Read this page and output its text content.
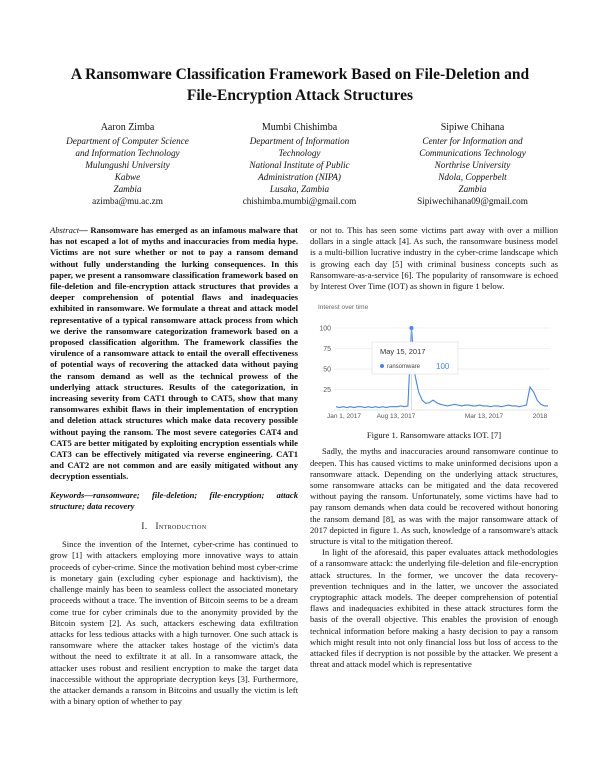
A Ransomware Classification Framework Based on File-Deletion and
File-Encryption Attack Structures
Aaron Zimba
Department of Computer Science
and Information Technology
Mulungushi University
Kabwe
Zambia
azimba@mu.ac.zm
Mumbi Chishimba
Department of Information
Technology
National Institute of Public
Administration (NIPA)
Lusaka, Zambia
chishimba.mumbi@gmail.com
Sipiwe Chihana
Center for Information and
Communications Technology
Northrise University
Ndola, Copperbelt
Zambia
Sipiwechihana09@gmail.com

Abstract— Ransomware has emerged as an infamous malware that has not escaped a lot of myths and inaccuracies from media hype. Victims are not sure whether or not to pay a ransom demand without fully understanding the lurking consequences. In this paper, we present a ransomware classification framework based on file-deletion and file-encryption attack structures that provides a deeper comprehension of potential flaws and inadequacies exhibited in ransomware. We formulate a threat and attack model representative of a typical ransomware attack process from which we derive the ransomware categorization framework based on a proposed classification algorithm. The framework classifies the virulence of a ransomware attack to entail the overall effectiveness of potential ways of recovering the attacked data without paying the ransom demand as well as the technical prowess of the underlying attack structures. Results of the categorization, in increasing severity from CAT1 through to CAT5, show that many ransomwares exhibit flaws in their implementation of encryption and deletion attack structures which make data recovery possible without paying the ransom. The most severe categories CAT4 and CAT5 are better mitigated by exploiting encryption essentials while CAT3 can be effectively mitigated via reverse engineering. CAT1 and CAT2 are not common and are easily mitigated without any decryption essentials.

Keywords—ransomware; file-deletion; file-encryption; attack structure; data recovery

I. Introduction

Since the invention of the Internet, cyber-crime has continued to grow [1] with attackers employing more innovative ways to attain proceeds of cyber-crime. Since the motivation behind most cyber-crime is monetary gain (excluding cyber espionage and hacktivism), the challenge mainly has been to seamless collect the associated monetary proceeds without a trace. The invention of Bitcoin seems to be a dream come true for cyber criminals due to the anonymity provided by the Bitcoin system [2]. As such, attackers eschewing data exfiltration attacks for less tedious attacks with a high turnover. One such attack is ransomware where the attacker takes hostage of the victim's data without the need to exfiltrate it at all. In a ransomware attack, the attacker uses robust and resilient encryption to make the target data inaccessible without the appropriate decryption keys [3]. Furthermore, the attacker demands a ransom in Bitcoins and usually the victim is left with a binary option of whether to pay

or not to. This has seen some victims part away with over a million dollars in a single attack [4]. As such, the ransomware business model is a multi-billion lucrative industry in the cyber-crime landscape which is growing each day [5] with criminal business concepts such as Ransomware-as-a-service [6]. The popularity of ransomware is echoed by Interest Over Time (IOT) as shown in figure 1 below.

Interest over time
25
50
75
100
Jan 1, 2017 Aug 13, 2017	Mar 13, 2017	2018
May 15, 2017
ransomware 100

Figure 1. Ransomware attacks IOT. [7]

Sadly, the myths and inaccuracies around ransomware continue to deepen. This has caused victims to make uninformed decisions upon a ransomware attack. Depending on the underlying attack structures, some ransomware attacks can be mitigated and the data recovered without paying the ransom. Unfortunately, some victims have had to pay ransom demands when data could be recovered without honoring the ransom demand [8], as was with the major ransomware attack of 2017 depicted in figure 1. As such, knowledge of a ransomware's attack structure is vital to the mitigation thereof.

In light of the aforesaid, this paper evaluates attack methodologies of a ransomware attack: the underlying file-deletion and file-encryption attack structures. In the former, we uncover the data recovery-prevention techniques and in the latter, we uncover the associated cryptographic attack models. The deeper comprehension of potential flaws and inadequacies exhibited in these attack structures form the basis of the overall objective. This enables the provision of enough technical information before making a hasty decision to pay a ransom which might result into not only financial loss but loss of access to the attacked files if decryption is not possible by the attacker. We present a threat and attack model which is representative
